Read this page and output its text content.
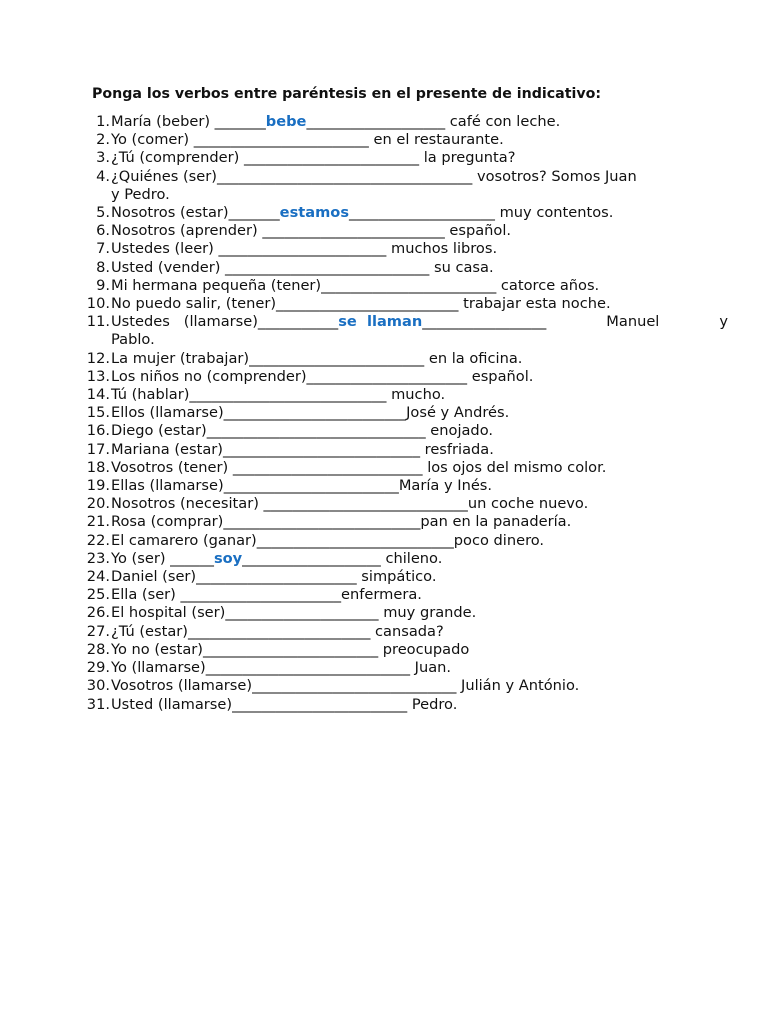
Ponga los verbos entre paréntesis en el presente de indicativo:
1. María (beber) _______bebe___________________ café con leche.
2. Yo (comer) ________________________ en el restaurante.
3. ¿Tú (comprender) ________________________ la pregunta?
4. ¿Quiénes (ser)___________________________________ vosotros? Somos Juan
y Pedro.
5. Nosotros (estar)_______estamos____________________ muy contentos.
6. Nosotros (aprender) _________________________ español.
7. Ustedes (leer) _______________________ muchos libros.
8. Usted (vender) ____________________________ su casa.
9. Mi hermana pequeña (tener)________________________ catorce años.
10. No puedo salir, (tener)_________________________ trabajar esta noche.
11. Ustedes   (llamarse)___________se  llaman_________________	Manuel	y
Pablo.
12. La mujer (trabajar)________________________ en la oficina.
13. Los niños no (comprender)______________________ español.
14. Tú (hablar)___________________________ mucho.
15. Ellos (llamarse)_________________________José y Andrés.
16. Diego (estar)______________________________ enojado.
17. Mariana (estar)___________________________ resfriada.
18. Vosotros (tener) __________________________ los ojos del mismo color.
19. Ellas (llamarse)________________________María y Inés.
20. Nosotros (necesitar) ____________________________un coche nuevo.
21. Rosa (comprar)___________________________pan en la panadería.
22. El camarero (ganar)___________________________poco dinero.
23. Yo (ser) ______soy___________________ chileno.
24. Daniel (ser)______________________ simpático.
25. Ella (ser) ______________________enfermera.
26. El hospital (ser)_____________________ muy grande.
27. ¿Tú (estar)_________________________ cansada?
28. Yo no (estar)________________________ preocupado
29. Yo (llamarse)____________________________ Juan.
30. Vosotros (llamarse)____________________________ Julián y António.
31. Usted (llamarse)________________________ Pedro.
